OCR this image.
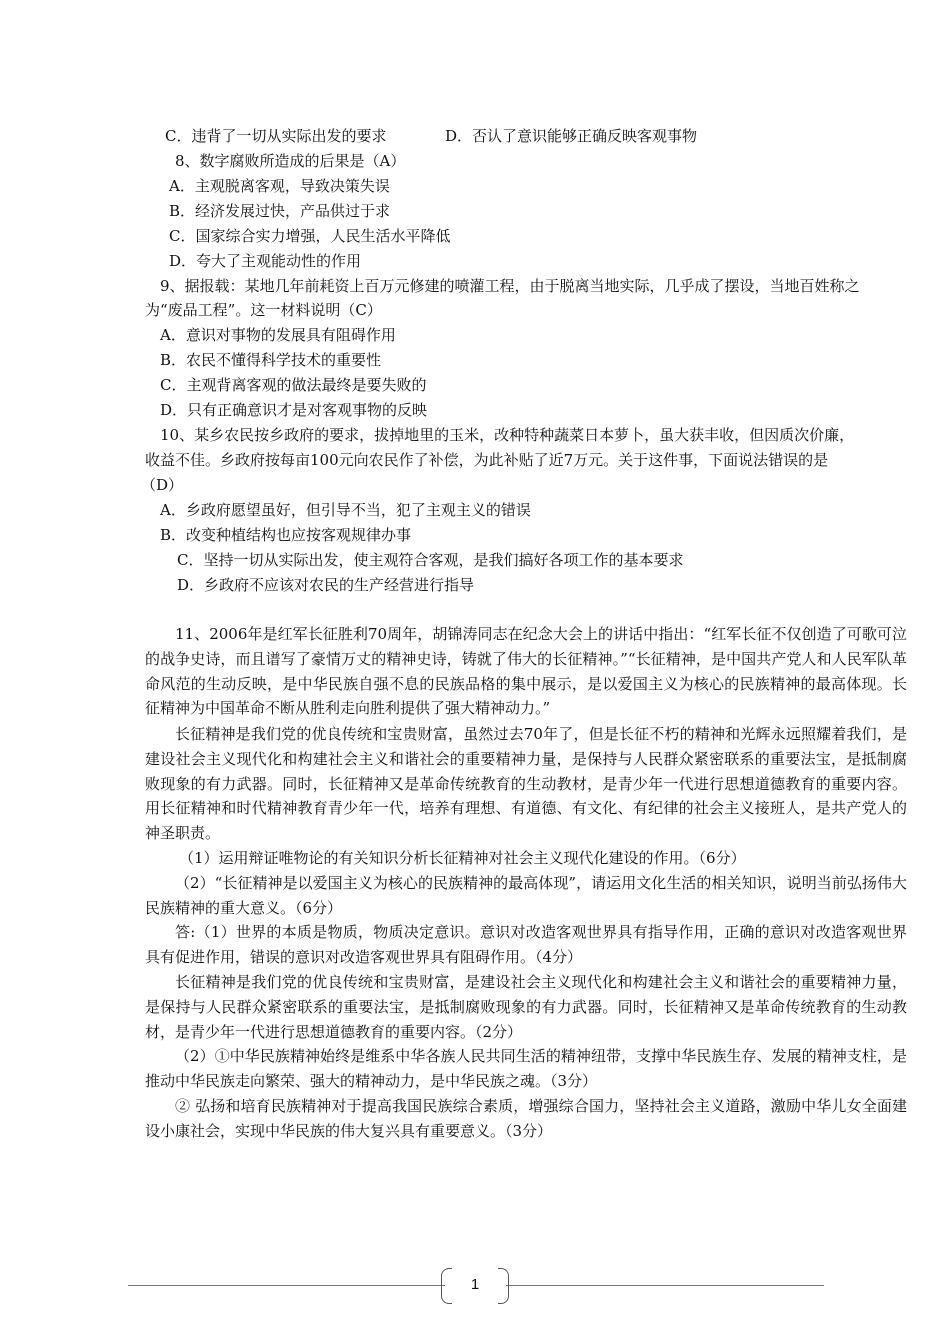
C．违背了一切从实际出发的要求	D．否认了意识能够正确反映客观事物
8、数字腐败所造成的后果是（A）
A．主观脱离客观，导致决策失误
B．经济发展过快，产品供过于求
C．国家综合实力增强，人民生活水平降低
D．夸大了主观能动性的作用
9、据报载：某地几年前耗资上百万元修建的喷灌工程，由于脱离当地实际，几乎成了摆设，当地百姓称之
为“废品工程”。这一材料说明（C）
A．意识对事物的发展具有阻碍作用
B．农民不懂得科学技术的重要性
C．主观背离客观的做法最终是要失败的
D．只有正确意识才是对客观事物的反映
10、某乡农民按乡政府的要求，拔掉地里的玉米，改种特种蔬菜日本萝卜，虽大获丰收，但因质次价廉，
收益不佳。乡政府按每亩100元向农民作了补偿，为此补贴了近7万元。关于这件事，下面说法错误的是
（D）
A．乡政府愿望虽好，但引导不当，犯了主观主义的错误
B．改变种植结构也应按客观规律办事
C．坚持一切从实际出发，使主观符合客观，是我们搞好各项工作的基本要求
D．乡政府不应该对农民的生产经营进行指导
11、2006年是红军长征胜利70周年，胡锦涛同志在纪念大会上的讲话中指出：“红军长征不仅创造了可歌可泣的战争史诗，而且谱写了豪情万丈的精神史诗，铸就了伟大的长征精神。”“长征精神，是中国共产党人和人民军队革命风范的生动反映，是中华民族自强不息的民族品格的集中展示，是以爱国主义为核心的民族精神的最高体现。长征精神为中国革命不断从胜利走向胜利提供了强大精神动力。”
长征精神是我们党的优良传统和宝贵财富，虽然过去70年了，但是长征不朽的精神和光辉永远照耀着我们，是建设社会主义现代化和构建社会主义和谐社会的重要精神力量，是保持与人民群众紧密联系的重要法宝，是抵制腐败现象的有力武器。同时，长征精神又是革命传统教育的生动教材，是青少年一代进行思想道德教育的重要内容。用长征精神和时代精神教育青少年一代，培养有理想、有道德、有文化、有纪律的社会主义接班人，是共产党人的神圣职责。
（1）运用辩证唯物论的有关知识分析长征精神对社会主义现代化建设的作用。（6分）
（2）“长征精神是以爱国主义为核心的民族精神的最高体现”，请运用文化生活的相关知识，说明当前弘扬伟大民族精神的重大意义。（6分）
答:（1）世界的本质是物质，物质决定意识。意识对改造客观世界具有指导作用，正确的意识对改造客观世界具有促进作用，错误的意识对改造客观世界具有阻碍作用。（4分）
长征精神是我们党的优良传统和宝贵财富，是建设社会主义现代化和构建社会主义和谐社会的重要精神力量，是保持与人民群众紧密联系的重要法宝，是抵制腐败现象的有力武器。同时，长征精神又是革命传统教育的生动教材，是青少年一代进行思想道德教育的重要内容。（2分）
（2）①中华民族精神始终是维系中华各族人民共同生活的精神纽带，支撑中华民族生存、发展的精神支柱，是推动中华民族走向繁荣、强大的精神动力，是中华民族之魂。（3分）
② 弘扬和培育民族精神对于提高我国民族综合素质，增强综合国力，坚持社会主义道路，激励中华儿女全面建设小康社会，实现中华民族的伟大复兴具有重要意义。（3分）
1
